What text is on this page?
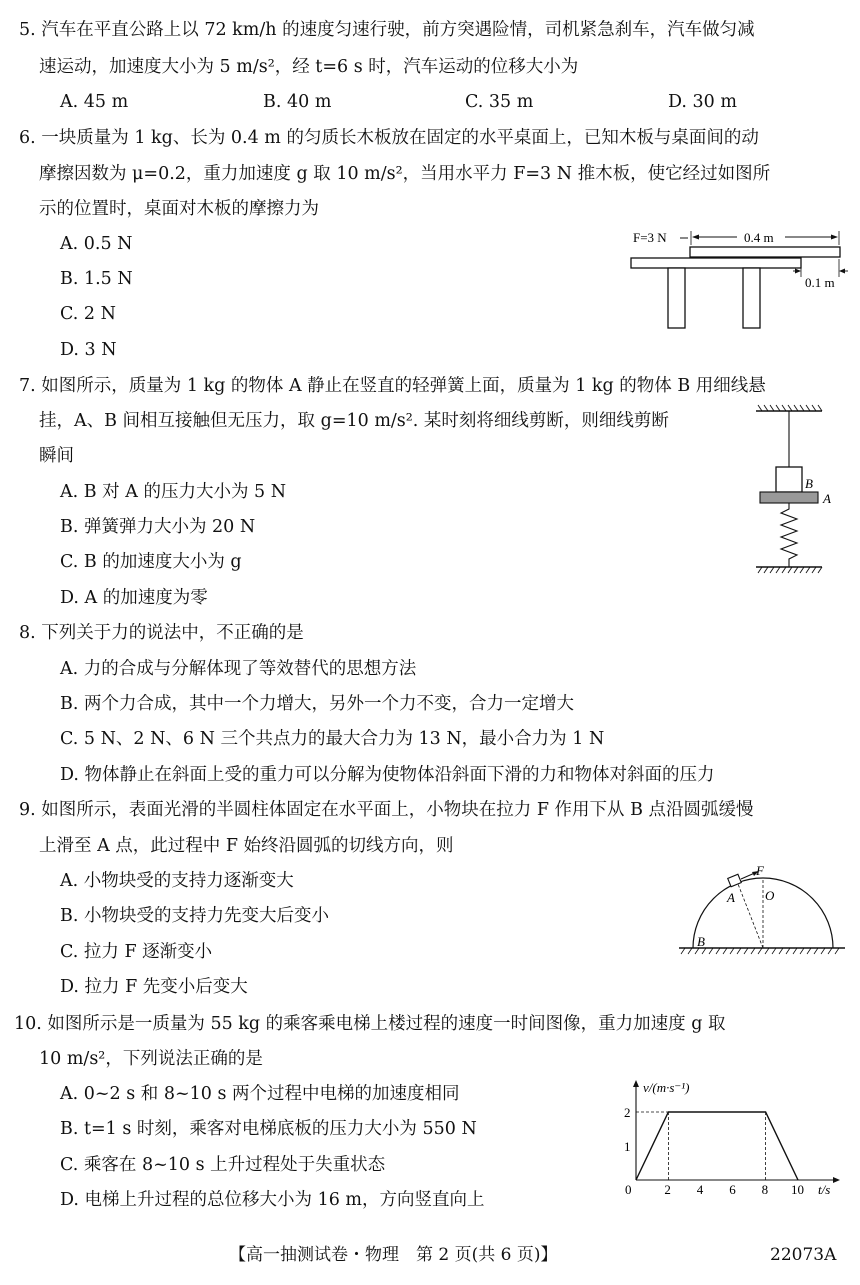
5. 汽车在平直公路上以 72 km/h 的速度匀速行驶，前方突遇险情，司机紧急刹车，汽车做匀减
速运动，加速度大小为 5 m/s²，经 t=6 s 时，汽车运动的位移大小为
A. 45 m	B. 40 m	C. 35 m	D. 30 m
6. 一块质量为 1 kg、长为 0.4 m 的匀质长木板放在固定的水平桌面上，已知木板与桌面间的动
摩擦因数为 μ=0.2，重力加速度 g 取 10 m/s²，当用水平力 F=3 N 推木板，使它经过如图所
示的位置时，桌面对木板的摩擦力为
A. 0.5 N
B. 1.5 N
C. 2 N
D. 3 N
F=3 N	0.4 m
0.1 m
7. 如图所示，质量为 1 kg 的物体 A 静止在竖直的轻弹簧上面，质量为 1 kg 的物体 B 用细线悬
挂，A、B 间相互接触但无压力，取 g=10 m/s². 某时刻将细线剪断，则细线剪断
瞬间
A. B 对 A 的压力大小为 5 N
B. 弹簧弹力大小为 20 N
C. B 的加速度大小为 g
D. A 的加速度为零
B
A
8. 下列关于力的说法中，不正确的是
A. 力的合成与分解体现了等效替代的思想方法
B. 两个力合成，其中一个力增大，另外一个力不变，合力一定增大
C. 5 N、2 N、6 N 三个共点力的最大合力为 13 N，最小合力为 1 N
D. 物体静止在斜面上受的重力可以分解为使物体沿斜面下滑的力和物体对斜面的压力
9. 如图所示，表面光滑的半圆柱体固定在水平面上，小物块在拉力 F 作用下从 B 点沿圆弧缓慢
上滑至 A 点，此过程中 F 始终沿圆弧的切线方向，则
A. 小物块受的支持力逐渐变大
B. 小物块受的支持力先变大后变小
C. 拉力 F 逐渐变小
D. 拉力 F 先变小后变大
F
A O
B
10. 如图所示是一质量为 55 kg 的乘客乘电梯上楼过程的速度一时间图像，重力加速度 g 取
10 m/s²，下列说法正确的是
A. 0~2 s 和 8~10 s 两个过程中电梯的加速度相同
B. t=1 s 时刻，乘客对电梯底板的压力大小为 550 N
C. 乘客在 8~10 s 上升过程处于失重状态
D. 电梯上升过程的总位移大小为 16 m，方向竖直向上
v/(m·s⁻¹)
t/s
0	2 4 6 8 10
1
2
【高一抽测试卷・物理　第 2 页(共 6 页)】	22073A
